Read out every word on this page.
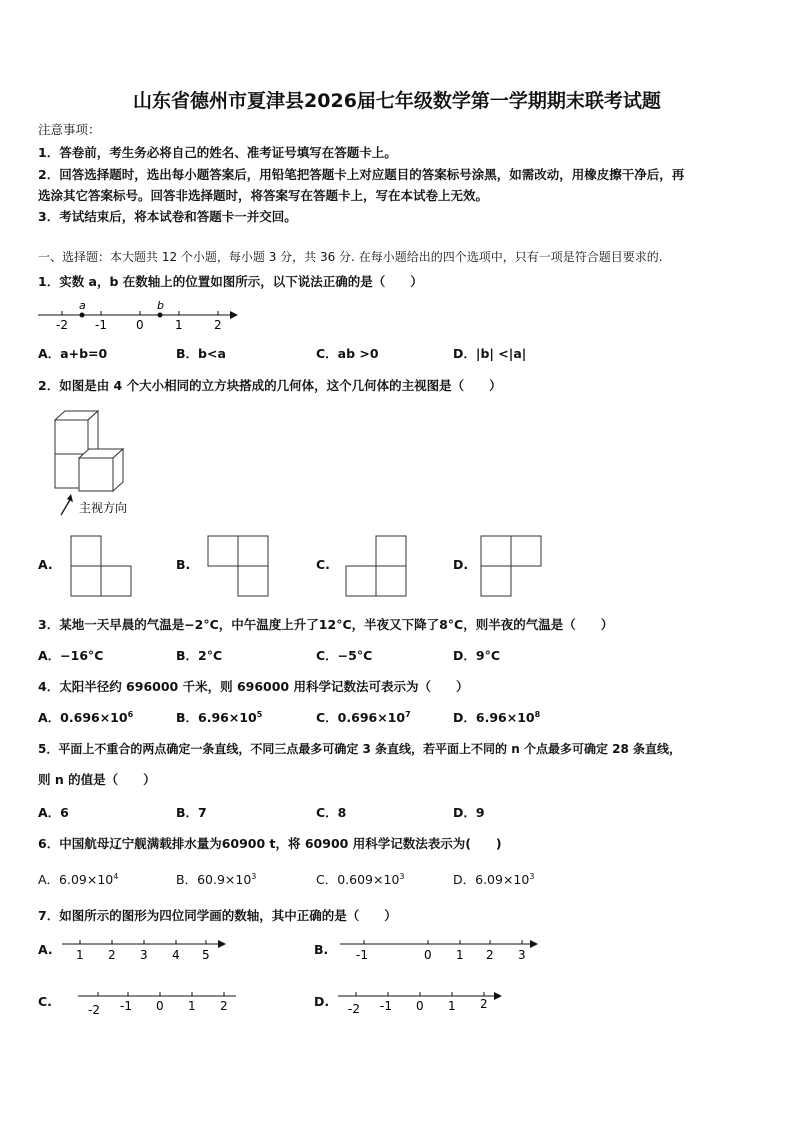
山东省德州市夏津县2026届七年级数学第一学期期末联考试题
注意事项：
1．答卷前，考生务必将自己的姓名、准考证号填写在答题卡上。
2．回答选择题时，选出每小题答案后，用铅笔把答题卡上对应题目的答案标号涂黑，如需改动，用橡皮擦干净后，再
选涂其它答案标号。回答非选择题时，将答案写在答题卡上，写在本试卷上无效。
3．考试结束后，将本试卷和答题卡一并交回。
一、选择题：本大题共 12 个小题，每小题 3 分，共 36 分. 在每小题给出的四个选项中，只有一项是符合题目要求的.
1．实数 a，b 在数轴上的位置如图所示，以下说法正确的是（　　）
a	b
-2 -1 0	1	2
A．a+b=0	B．b<a	C．ab >0	D．|b| <|a|
2．如图是由 4 个大小相同的立方块搭成的几何体，这个几何体的主视图是（　　）
主视方向
A.	B.	C.	D.
3．某地一天早晨的气温是−2°C，中午温度上升了12°C，半夜又下降了8°C，则半夜的气温是（　　）
A．−16°C	B．2°C	C．−5°C	D．9°C
4．太阳半径约 696000 千米，则 696000 用科学记数法可表示为（　　）
A．$0.696\times 10^6$	B．$6.96\times 10^5$	C．$0.696\times 10^7$	D．$6.96\times 10^8$
5．平面上不重合的两点确定一条直线，不同三点最多可确定 3 条直线，若平面上不同的 n 个点最多可确定 28 条直线，
则 n 的值是（　　）
A．6	B．7	C．8	D．9
6．中国航母辽宁舰满载排水量为60900 t，将 60900 用科学记数法表示为(　　)
A．$6.09\times 10^4$	B．$60.9\times 10^3$	C．$0.609\times 10^3$	D．$6.09\times 10^3$
7．如图所示的图形为四位同学画的数轴，其中正确的是（　　）
A. 1 2 3 4 5	B. -1	0 1 2 3
C.
-2 -1 0 1 2	D. -2 -1 0 1 2
